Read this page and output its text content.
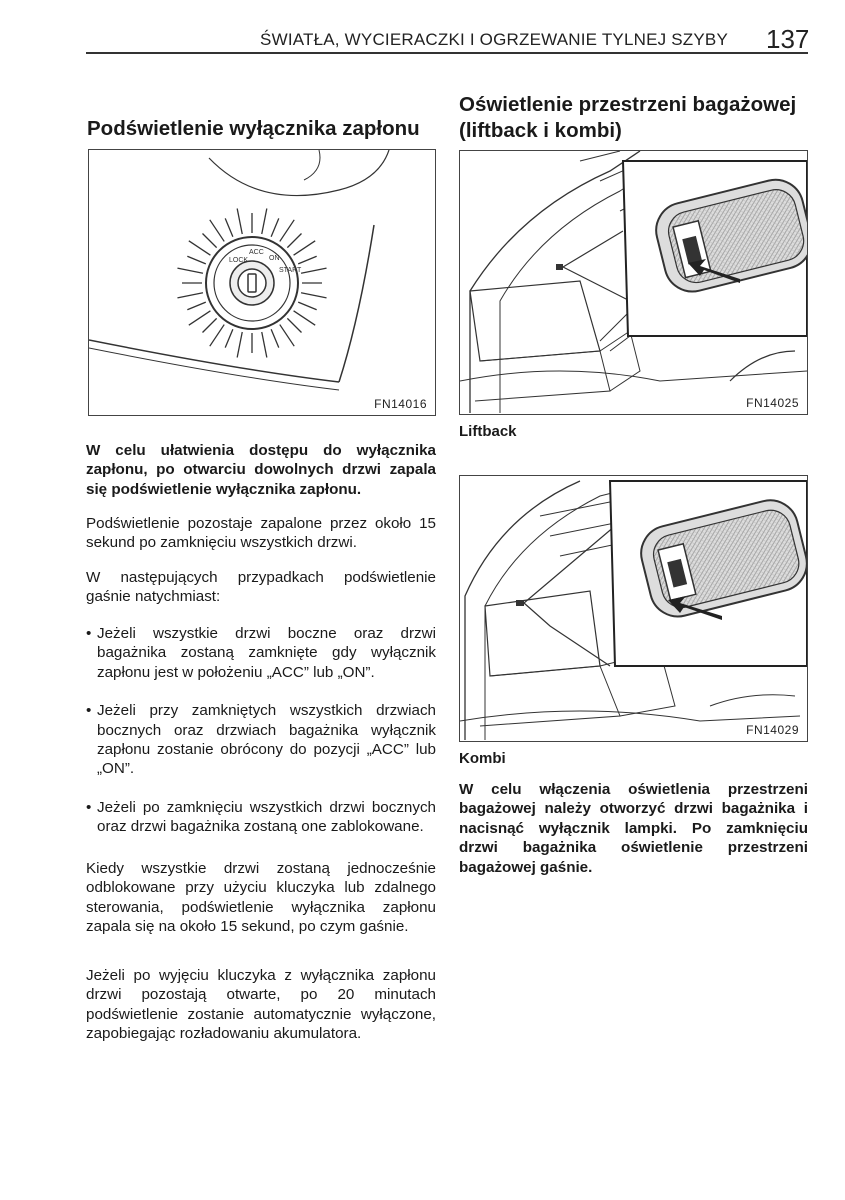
ŚWIATŁA, WYCIERACZKI I OGRZEWANIE TYLNEJ SZYBY 137
Podświetlenie wyłącznika zapłonu
LOCK
ACC
ON
START
FN14016
W celu ułatwienia dostępu do wyłącznika zapłonu, po otwarciu dowolnych drzwi zapala się podświetlenie wyłącznika zapłonu.
Podświetlenie pozostaje zapalone przez około 15 sekund po zamknięciu wszystkich drzwi.
W następujących przypadkach podświetlenie gaśnie natychmiast:
• Jeżeli wszystkie drzwi boczne oraz drzwi bagażnika zostaną zamknięte gdy wyłącznik zapłonu jest w położeniu „ACC” lub „ON”.
• Jeżeli przy zamkniętych wszystkich drzwiach bocznych oraz drzwiach bagażnika wyłącznik zapłonu zostanie obrócony do pozycji „ACC” lub „ON”.
• Jeżeli po zamknięciu wszystkich drzwi bocznych oraz drzwi bagażnika zostaną one zablokowane.
Kiedy wszystkie drzwi zostaną jednocześnie odblokowane przy użyciu kluczyka lub zdalnego sterowania, podświetlenie wyłącznika zapłonu zapala się na około 15 sekund, po czym gaśnie.
Jeżeli po wyjęciu kluczyka z wyłącznika zapłonu drzwi pozostają otwarte, po 20 minutach podświetlenie zostanie automatycznie wyłączone, zapobiegając rozładowaniu akumulatora.
Oświetlenie przestrzeni bagażowej
(liftback i kombi)
FN14025
Liftback
FN14029
Kombi
W celu włączenia oświetlenia przestrzeni bagażowej należy otworzyć drzwi bagażnika i nacisnąć wyłącznik lampki. Po zamknięciu drzwi bagażnika oświetlenie przestrzeni bagażowej gaśnie.
